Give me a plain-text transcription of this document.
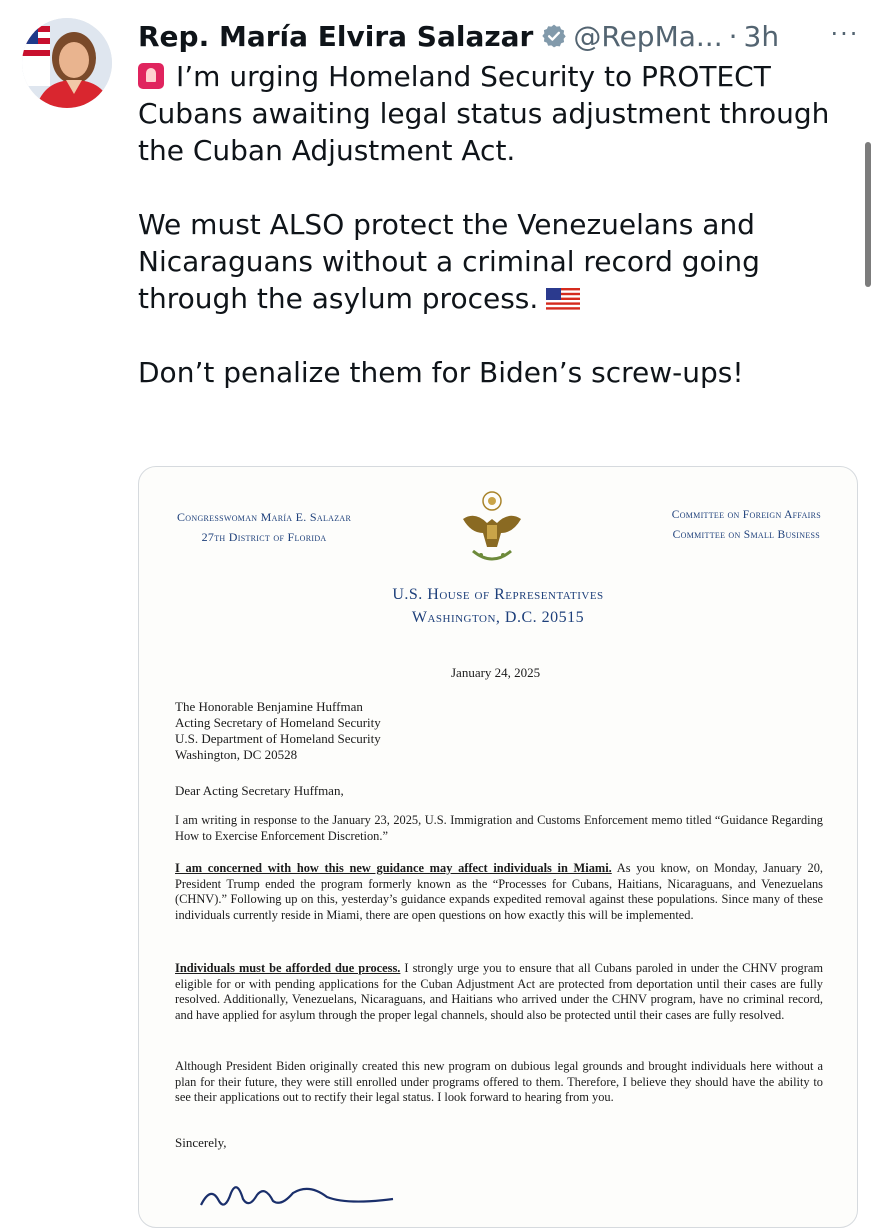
Rep. María Elvira Salazar @RepMa... · 3h ···

I’m urging Homeland Security to PROTECT Cubans awaiting legal status adjustment through the Cuban Adjustment Act.

We must ALSO protect the Venezuelans and Nicaraguans without a criminal record going through the asylum process.

Don’t penalize them for Biden’s screw-ups!

Congresswoman María E. Salazar
27th District of Florida
Committee on Foreign Affairs
Committee on Small Business
U.S. House of Representatives
Washington, D.C. 20515
January 24, 2025
The Honorable Benjamine Huffman
Acting Secretary of Homeland Security
U.S. Department of Homeland Security
Washington, DC 20528
Dear Acting Secretary Huffman,
I am writing in response to the January 23, 2025, U.S. Immigration and Customs Enforcement memo titled “Guidance Regarding How to Exercise Enforcement Discretion.”
I am concerned with how this new guidance may affect individuals in Miami. As you know, on Monday, January 20, President Trump ended the program formerly known as the “Processes for Cubans, Haitians, Nicaraguans, and Venezuelans (CHNV).” Following up on this, yesterday’s guidance expands expedited removal against these populations. Since many of these individuals currently reside in Miami, there are open questions on how exactly this will be implemented.
Individuals must be afforded due process. I strongly urge you to ensure that all Cubans paroled in under the CHNV program eligible for or with pending applications for the Cuban Adjustment Act are protected from deportation until their cases are fully resolved. Additionally, Venezuelans, Nicaraguans, and Haitians who arrived under the CHNV program, have no criminal record, and have applied for asylum through the proper legal channels, should also be protected until their cases are fully resolved.
Although President Biden originally created this new program on dubious legal grounds and brought individuals here without a plan for their future, they were still enrolled under programs offered to them. Therefore, I believe they should have the ability to see their applications out to rectify their legal status. I look forward to hearing from you.
Sincerely,
